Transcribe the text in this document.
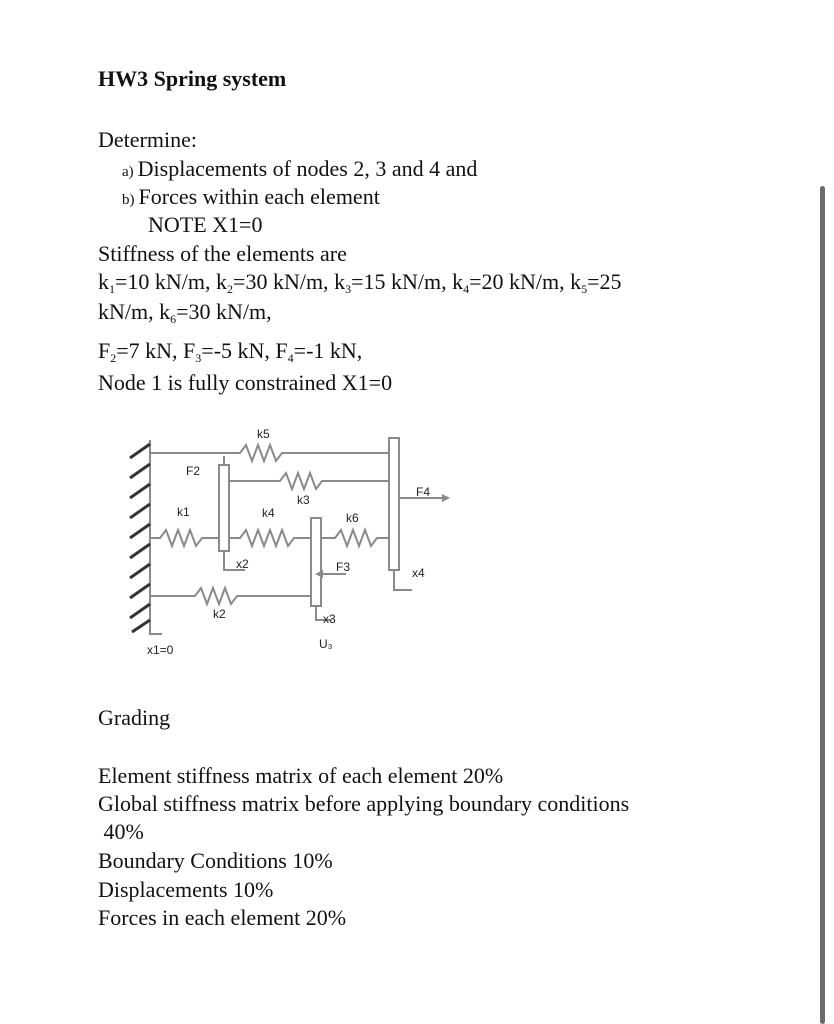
HW3 Spring system
Determine:
a) Displacements of nodes 2, 3 and 4 and
b) Forces within each element
NOTE X1=0
Stiffness of the elements are
$k_1=10$ kN/m, $k_2=30$ kN/m, $k_3=15$ kN/m, $k_4=20$ kN/m, $k_5=25$
kN/m, $k_6=30$ kN/m,
$F_2=7$ kN, $F_3=-5$ kN, $F_4=-1$ kN,
Node 1 is fully constrained X1=0
k5
F2
k3
F4
k1	k4	k6
x2	F3	x4
k2	x3
U₃
x1=0
Grading
Element stiffness matrix of each element 20%
Global stiffness matrix before applying boundary conditions
40%
Boundary Conditions 10%
Displacements 10%
Forces in each element 20%
